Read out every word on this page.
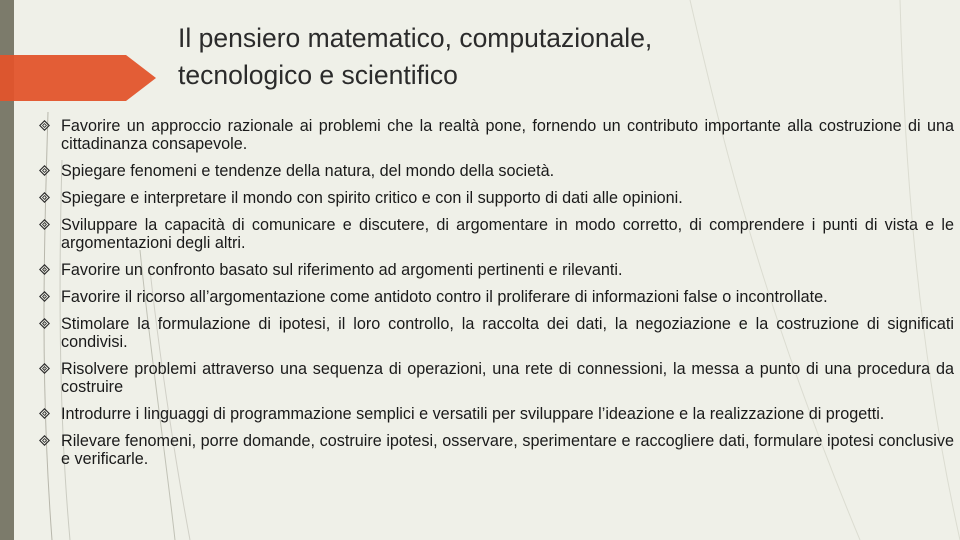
Il pensiero matematico, computazionale,
tecnologico e scientifico
Favorire un approccio razionale ai problemi che la realtà pone, fornendo un contributo importante alla costruzione di una cittadinanza consapevole.
Spiegare fenomeni e tendenze della natura, del mondo della società.
Spiegare e interpretare il mondo con spirito critico e con il supporto di dati alle opinioni.
Sviluppare la capacità di comunicare e discutere, di argomentare in modo corretto, di comprendere i punti di vista e le argomentazioni degli altri.
Favorire un confronto basato sul riferimento ad argomenti pertinenti e rilevanti.
Favorire il ricorso all’argomentazione come antidoto contro il proliferare di informazioni false o incontrollate.
Stimolare la formulazione di ipotesi, il loro controllo, la raccolta dei dati, la negoziazione e la costruzione di significati condivisi.
Risolvere problemi attraverso una sequenza di operazioni, una rete di connessioni, la messa a punto di una procedura da costruire
Introdurre i linguaggi di programmazione semplici e versatili per sviluppare l’ideazione e la realizzazione di progetti.
Rilevare fenomeni, porre domande, costruire ipotesi, osservare, sperimentare e raccogliere dati, formulare ipotesi conclusive e verificarle.
